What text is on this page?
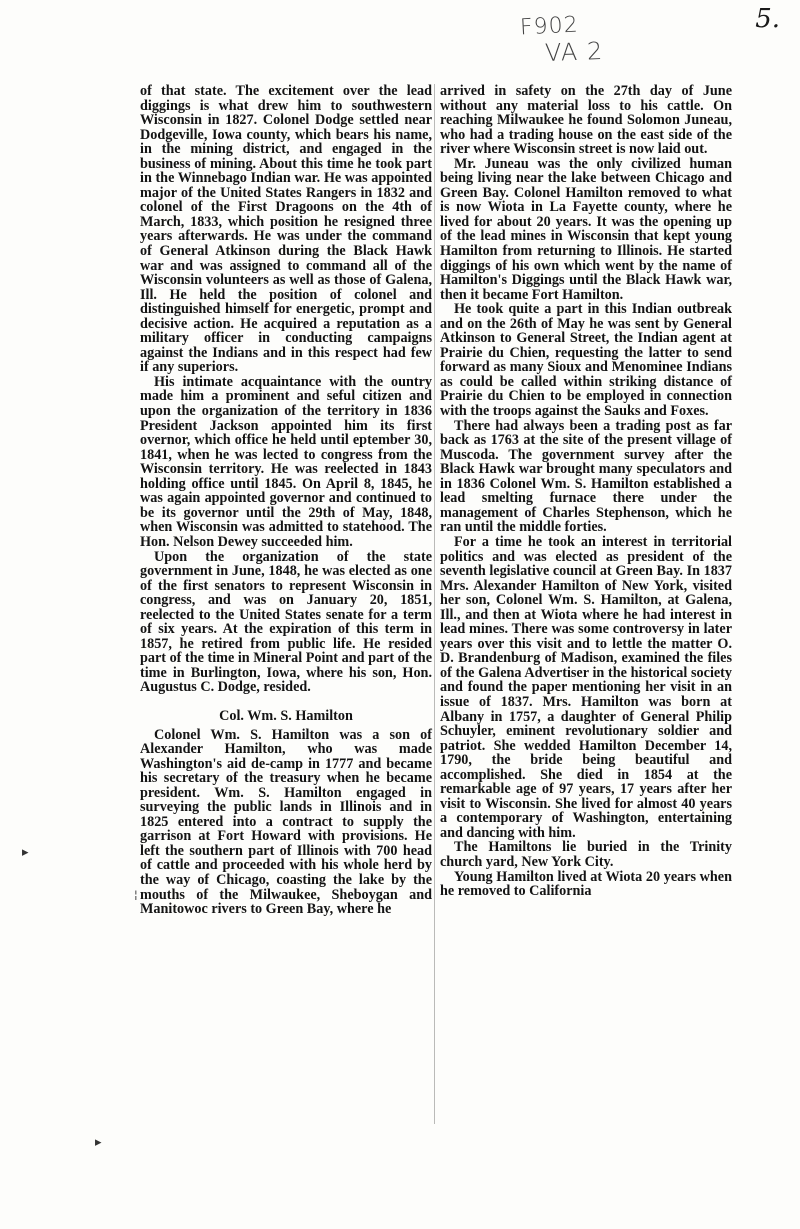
5.
F902
VA 2
▸
▸
¦

of that state. The excitement over the lead diggings is what drew him to southwestern Wisconsin in 1827. Colonel Dodge settled near Dodgeville, Iowa county, which bears his name, in the mining district, and engaged in the business of mining. About this time he took part in the Winnebago Indian war. He was appointed major of the United States Rangers in 1832 and colonel of the First Dragoons on the 4th of March, 1833, which position he resigned three years afterwards. He was under the command of General Atkinson during the Black Hawk war and was assigned to command all of the Wisconsin volunteers as well as those of Galena, Ill. He held the position of colonel and distinguished himself for energetic, prompt and decisive action. He acquired a reputation as a military officer in conducting campaigns against the Indians and in this respect had few if any superiors.

His intimate acquaintance with the ountry made him a prominent and seful citizen and upon the organization of the territory in 1836 President Jackson appointed him its first overnor, which office he held until eptember 30, 1841, when he was lected to congress from the Wisconsin territory. He was reelected in 1843 holding office until 1845. On April 8, 1845, he was again appointed governor and continued to be its governor until the 29th of May, 1848, when Wisconsin was admitted to statehood. The Hon. Nelson Dewey succeeded him.

Upon the organization of the state government in June, 1848, he was elected as one of the first senators to represent Wisconsin in congress, and was on January 20, 1851, reelected to the United States senate for a term of six years. At the expiration of this term in 1857, he retired from public life. He resided part of the time in Mineral Point and part of the time in Burlington, Iowa, where his son, Hon. Augustus C. Dodge, resided.

Col. Wm. S. Hamilton

Colonel Wm. S. Hamilton was a son of Alexander Hamilton, who was made Washington's aid de-camp in 1777 and became his secretary of the treasury when he became president. Wm. S. Hamilton engaged in surveying the public lands in Illinois and in 1825 entered into a contract to supply the garrison at Fort Howard with provisions. He left the southern part of Illinois with 700 head of cattle and proceeded with his whole herd by the way of Chicago, coasting the lake by the mouths of the Milwaukee, Sheboygan and Manitowoc rivers to Green Bay, where he

arrived in safety on the 27th day of June without any material loss to his cattle. On reaching Milwaukee he found Solomon Juneau, who had a trading house on the east side of the river where Wisconsin street is now laid out.

Mr. Juneau was the only civilized human being living near the lake between Chicago and Green Bay. Colonel Hamilton removed to what is now Wiota in La Fayette county, where he lived for about 20 years. It was the opening up of the lead mines in Wisconsin that kept young Hamilton from returning to Illinois. He started diggings of his own which went by the name of Hamilton's Diggings until the Black Hawk war, then it became Fort Hamilton.

He took quite a part in this Indian outbreak and on the 26th of May he was sent by General Atkinson to General Street, the Indian agent at Prairie du Chien, requesting the latter to send forward as many Sioux and Menominee Indians as could be called within striking distance of Prairie du Chien to be employed in connection with the troops against the Sauks and Foxes.

There had always been a trading post as far back as 1763 at the site of the present village of Muscoda. The government survey after the Black Hawk war brought many speculators and in 1836 Colonel Wm. S. Hamilton established a lead smelting furnace there under the management of Charles Stephenson, which he ran until the middle forties.

For a time he took an interest in territorial politics and was elected as president of the seventh legislative council at Green Bay. In 1837 Mrs. Alexander Hamilton of New York, visited her son, Colonel Wm. S. Hamilton, at Galena, Ill., and then at Wiota where he had interest in lead mines. There was some controversy in later years over this visit and to lettle the matter O. D. Brandenburg of Madison, examined the files of the Galena Advertiser in the historical society and found the paper mentioning her visit in an issue of 1837. Mrs. Hamilton was born at Albany in 1757, a daughter of General Philip Schuyler, eminent revolutionary soldier and patriot. She wedded Hamilton December 14, 1790, the bride being beautiful and accomplished. She died in 1854 at the remarkable age of 97 years, 17 years after her visit to Wisconsin. She lived for almost 40 years a contemporary of Washington, entertaining and dancing with him.

The Hamiltons lie buried in the Trinity church yard, New York City.

Young Hamilton lived at Wiota 20 years when he removed to California
